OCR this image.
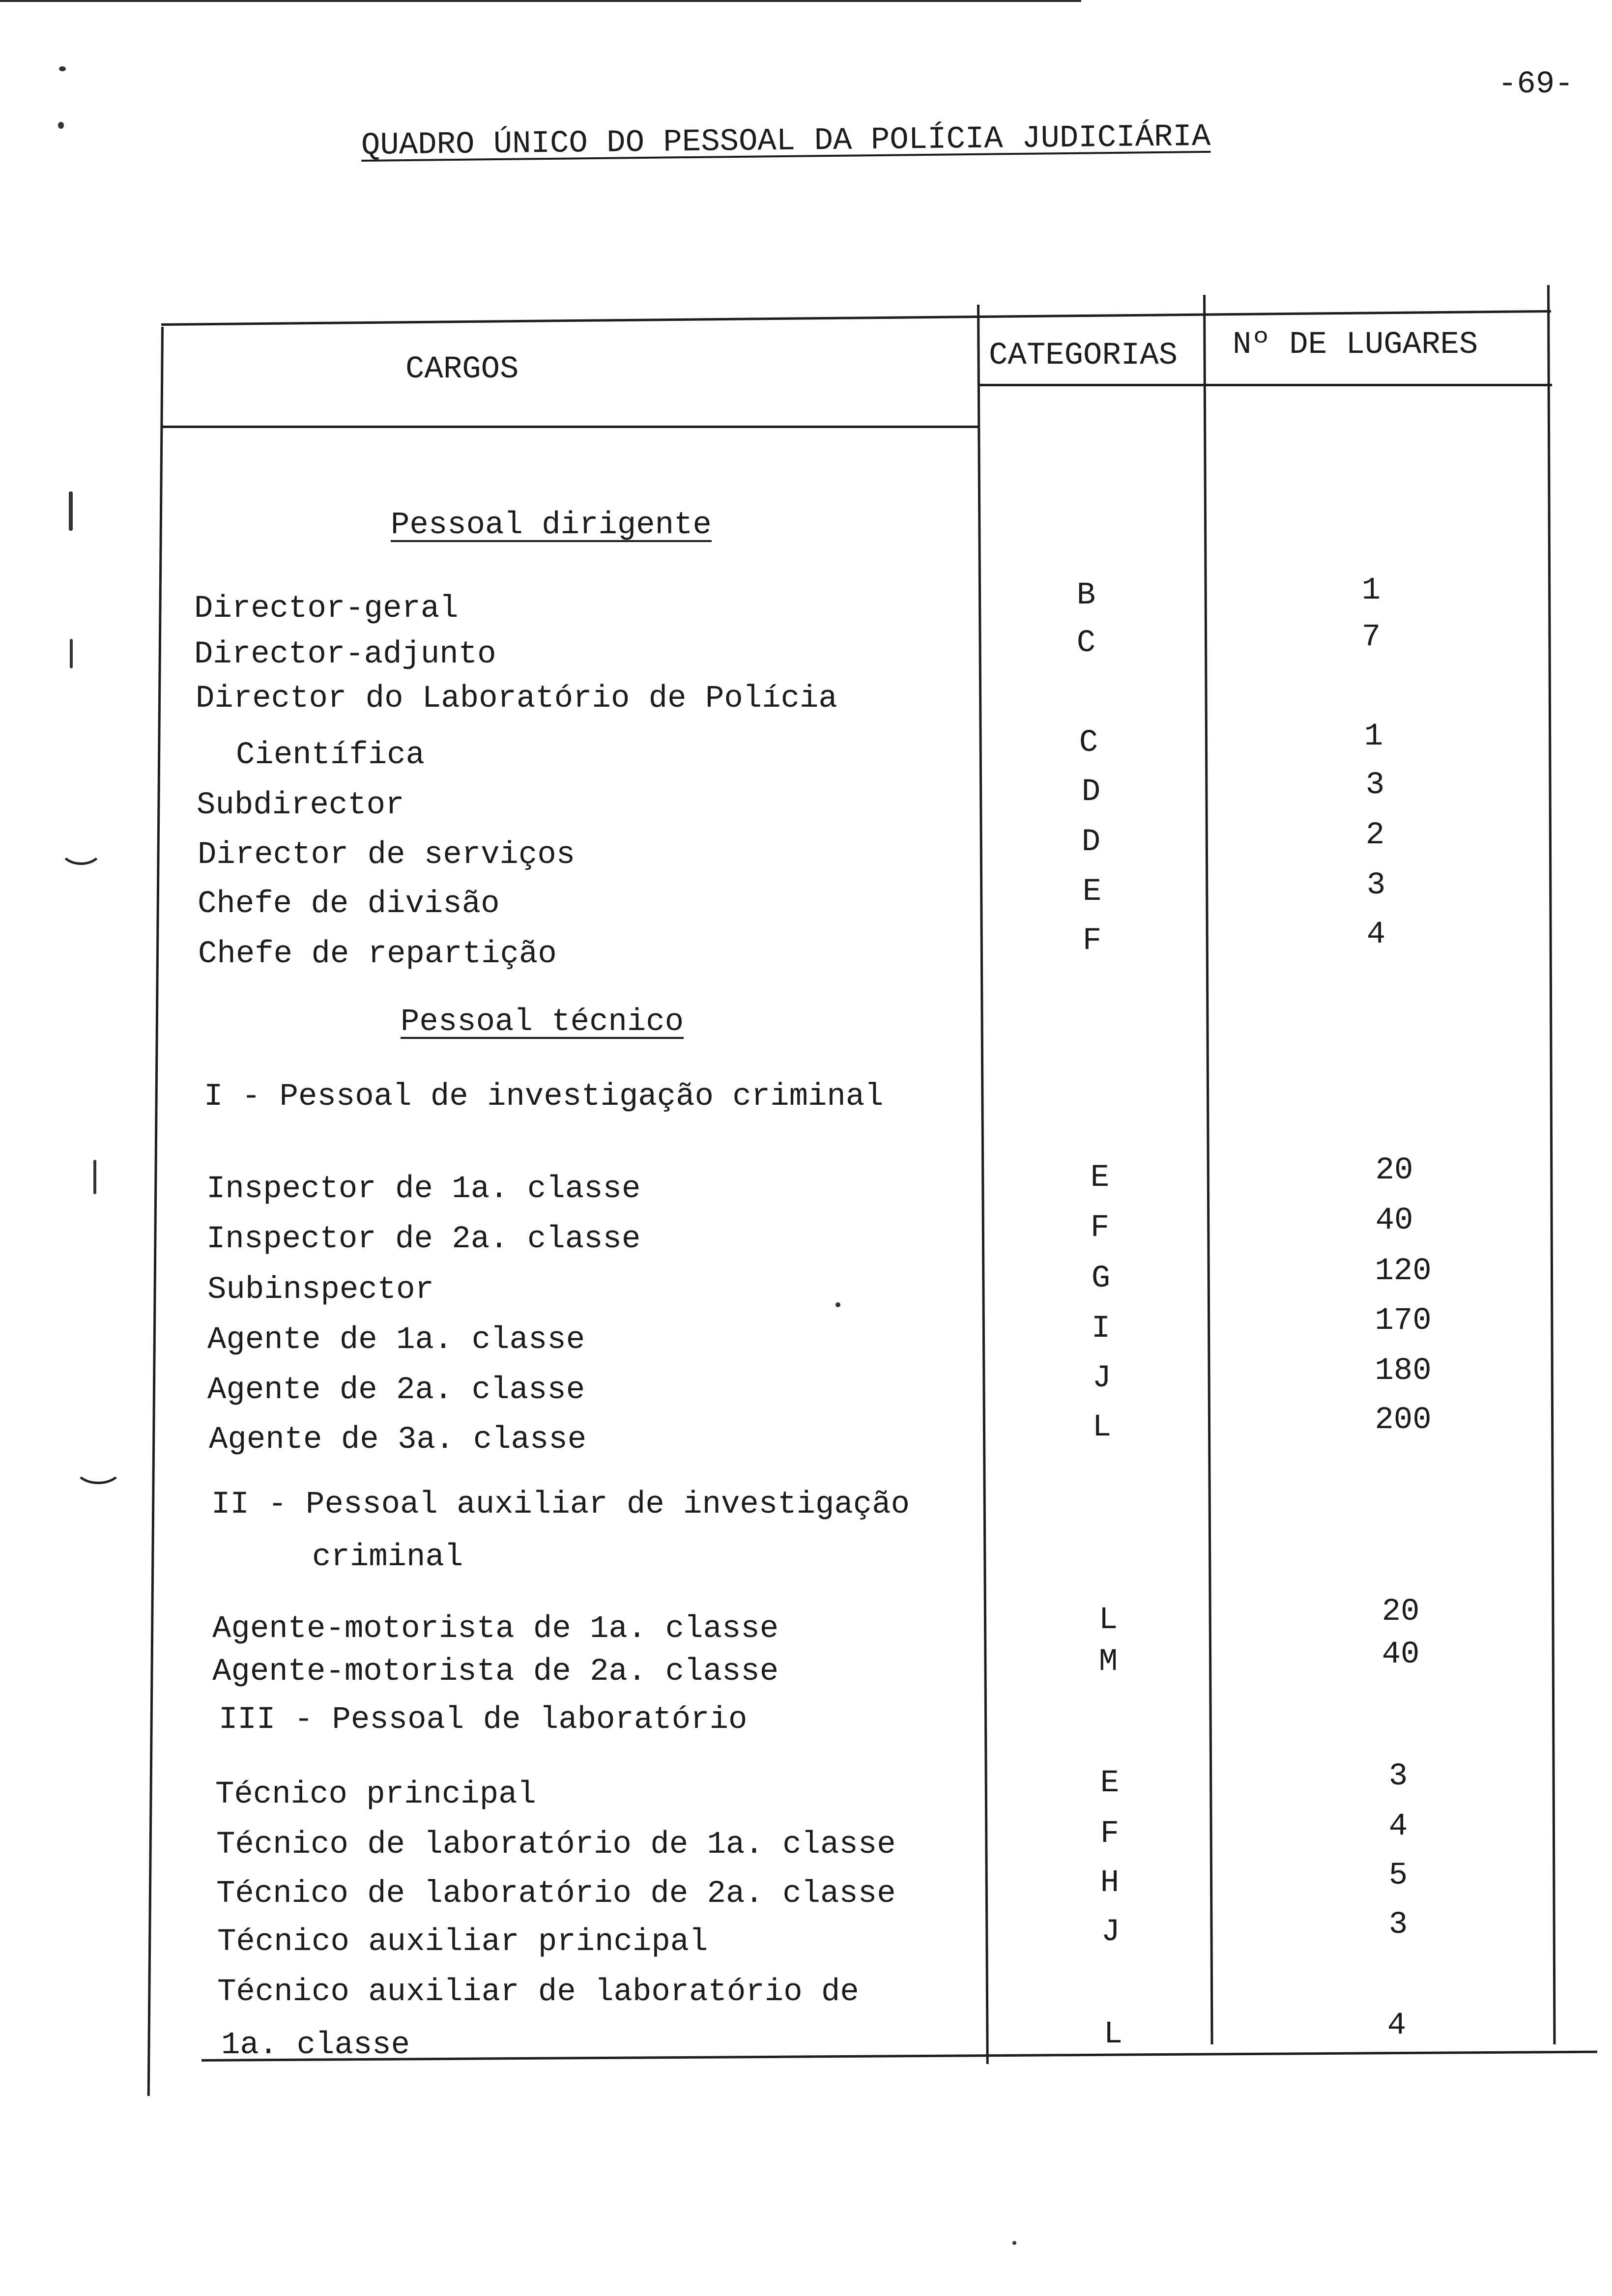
-69-
QUADRO ÚNICO DO PESSOAL DA POLÍCIA JUDICIÁRIA
CARGOS	CATEGORIAS Nº DE LUGARES
Pessoal dirigente
Pessoal técnico
I - Pessoal de investigação criminal
II - Pessoal auxiliar de investigação
criminal
III - Pessoal de laboratório
Director-geral	B	1
Director-adjunto	C	7
Director do Laboratório de Polícia
Científica	C	1
Subdirector	D	3
Director de serviços	D	2
Chefe de divisão	E	3
Chefe de repartição	F	4
Inspector de 1a. classe	E	20
Inspector de 2a. classe	F	40
Subinspector	G	120
Agente de 1a. classe	I	170
Agente de 2a. classe	J	180
Agente de 3a. classe	L	200
Agente-motorista de 1a. classe	L	20
Agente-motorista de 2a. classe	M	40
Técnico principal	E	3
Técnico de laboratório de 1a. classe	F	4
Técnico de laboratório de 2a. classe	H	5
Técnico auxiliar principal	J	3
Técnico auxiliar de laboratório de
1a. classe	L	4
